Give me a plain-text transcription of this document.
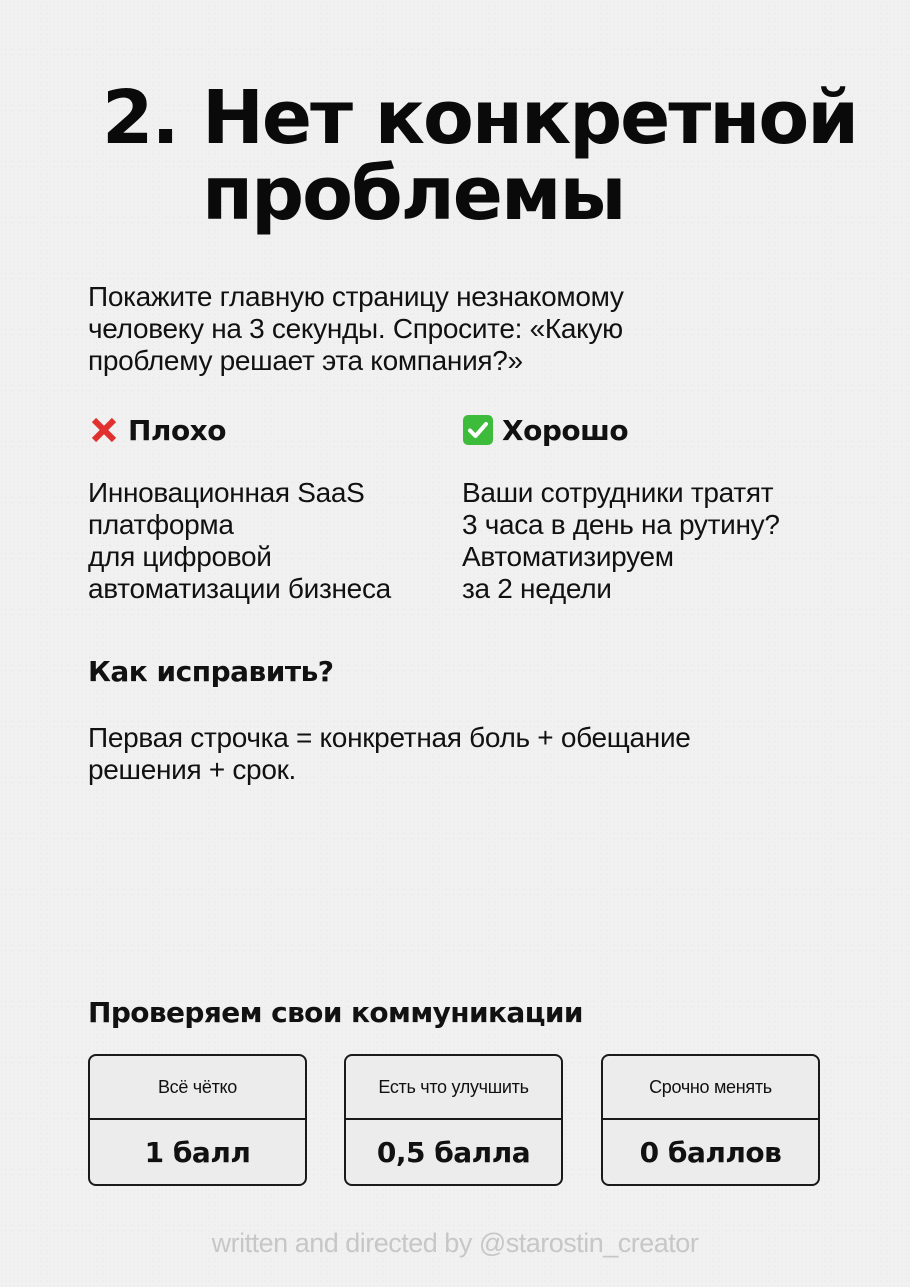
2. Нет конкретной
проблемы

Покажите главную страницу незнакомому
человеку на 3 секунды. Спросите: «Какую
проблему решает эта компания?»

Плохо
Инновационная SaaS
платформа
для цифровой
автоматизации бизнеса
Хорошо
Ваши сотрудники тратят
3 часа в день на рутину?
Автоматизируем
за 2 недели
Как исправить?

Первая строчка = конкретная боль + обещание
решения + срок.

Проверяем свои коммуникации
Всё чётко
1 балл
Есть что улучшить
0,5 балла
Срочно менять
0 баллов

written and directed by @starostin_creator
